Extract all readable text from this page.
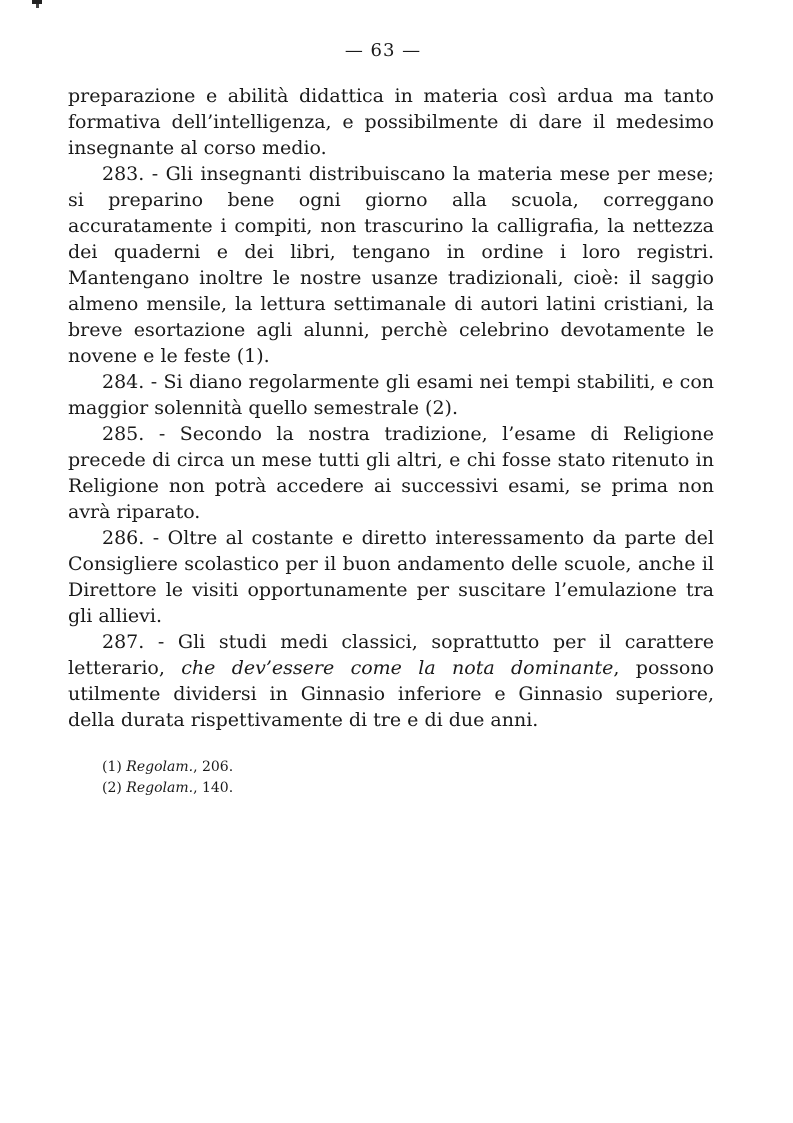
— 63 —

preparazione e abilità didattica in materia così ardua ma tanto formativa dell’intelligenza, e possibilmente di dare il medesimo insegnante al corso medio.

283. - Gli insegnanti distribuiscano la materia mese per mese; si preparino bene ogni giorno alla scuola, correggano accuratamente i compiti, non trascurino la calligrafia, la nettezza dei quaderni e dei libri, tengano in ordine i loro registri. Mantengano inoltre le nostre usanze tradizionali, cioè: il saggio almeno mensile, la lettura settimanale di autori latini cristiani, la breve esortazione agli alunni, perchè celebrino devotamente le novene e le feste (1).

284. - Si diano regolarmente gli esami nei tempi stabiliti, e con maggior solennità quello semestrale (2).

285. - Secondo la nostra tradizione, l’esame di Religione precede di circa un mese tutti gli altri, e chi fosse stato ritenuto in Religione non potrà accedere ai successivi esami, se prima non avrà riparato.

286. - Oltre al costante e diretto interessamento da parte del Consigliere scolastico per il buon andamento delle scuole, anche il Direttore le visiti opportunamente per suscitare l’emulazione tra gli allievi.

287. - Gli studi medi classici, soprattutto per il carattere letterario, che dev’essere come la nota dominante, possono utilmente dividersi in Ginnasio inferiore e Ginnasio superiore, della durata rispettivamente di tre e di due anni.

(1) Regolam., 206.
(2) Regolam., 140.
